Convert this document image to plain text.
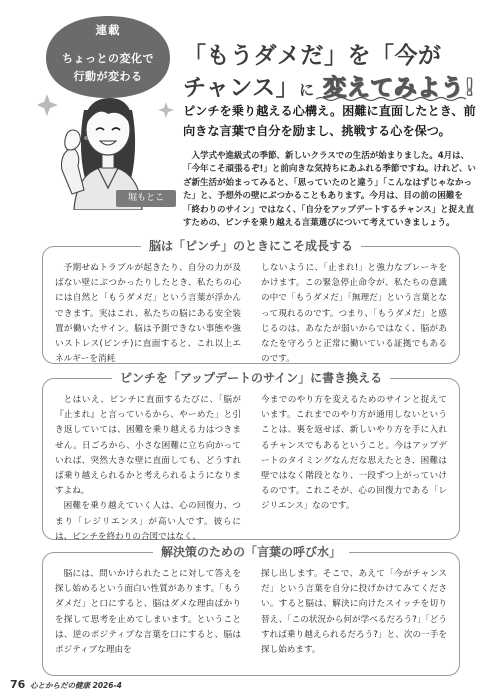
連載
ちょっとの変化で
行動が変わる
堀もとこ
「もうダメだ」を「今が
チャンス」に 変えてみよう!
ピンチを乗り越える心構え。困難に直面したとき、前向きな言葉で自分を励まし、挑戦する心を保つ。
入学式や進級式の季節、新しいクラスでの生活が始まりました。4月は、「今年こそ頑張るぞ!」と前向きな気持ちにあふれる季節ですね。けれど、いざ新生活が始まってみると、「思っていたのと違う」「こんなはずじゃなかった」と、予想外の壁にぶつかることもあります。今月は、目の前の困難を「終わりのサイン」ではなく、「自分をアップデートするチャンス」と捉え直すための、ピンチを乗り越える言葉選びについて考えていきましょう。
脳は「ピンチ」のときにこそ成長する

予期せぬトラブルが起きたり、自分の力が及ばない壁にぶつかったりしたとき、私たちの心には自然と「もうダメだ」という言葉が浮かんできます。実はこれ、私たちの脳にある安全装置が働いたサイン。脳は予測できない事態や強いストレス(ピンチ)に直面すると、これ以上エネルギーを消耗

しないように、「止まれ!」と強力なブレーキをかけます。この緊急停止命令が、私たちの意識の中で「もうダメだ」「無理だ」という言葉となって現れるのです。つまり、「もうダメだ」と感じるのは、あなたが弱いからではなく、脳があなたを守ろうと正常に働いている証拠でもあるのです。

ピンチを「アップデートのサイン」に書き換える

とはいえ、ピンチに直面するたびに、「脳が『止まれ』と言っているから、やーめた」と引き返していては、困難を乗り越える力はつきません。日ごろから、小さな困難に立ち向かっていれば、突然大きな壁に直面しても、どうすれば乗り越えられるかと考えられるようになりますよね。

困難を乗り越えていく人は、心の回復力、つまり「レジリエンス」が高い人です。彼らには、ピンチを終わりの合図ではなく、

今までのやり方を変えるためのサインと捉えています。これまでのやり方が通用しないということは、裏を返せば、新しいやり方を手に入れるチャンスでもあるということ。今はアップデートのタイミングなんだな思えたとき、困難は壁ではなく階段となり、一段ずつ上がっていけるのです。これこそが、心の回復力である「レジリエンス」なのです。

解決策のための「言葉の呼び水」

脳には、問いかけられたことに対して答えを探し始めるという面白い性質があります。「もうダメだ」と口にすると、脳はダメな理由ばかりを探して思考を止めてしまいます。ということは、逆のポジティブな言葉を口にすると、脳はポジティブな理由を

探し出します。そこで、あえて「今がチャンスだ」という言葉を自分に投げかけてみてください。すると脳は、解決に向けたスイッチを切り替え、「この状況から何が学べるだろう?」「どうすれば乗り越えられるだろう?」と、次の一手を探し始めます。

76 心とからだの健康 2026-4
